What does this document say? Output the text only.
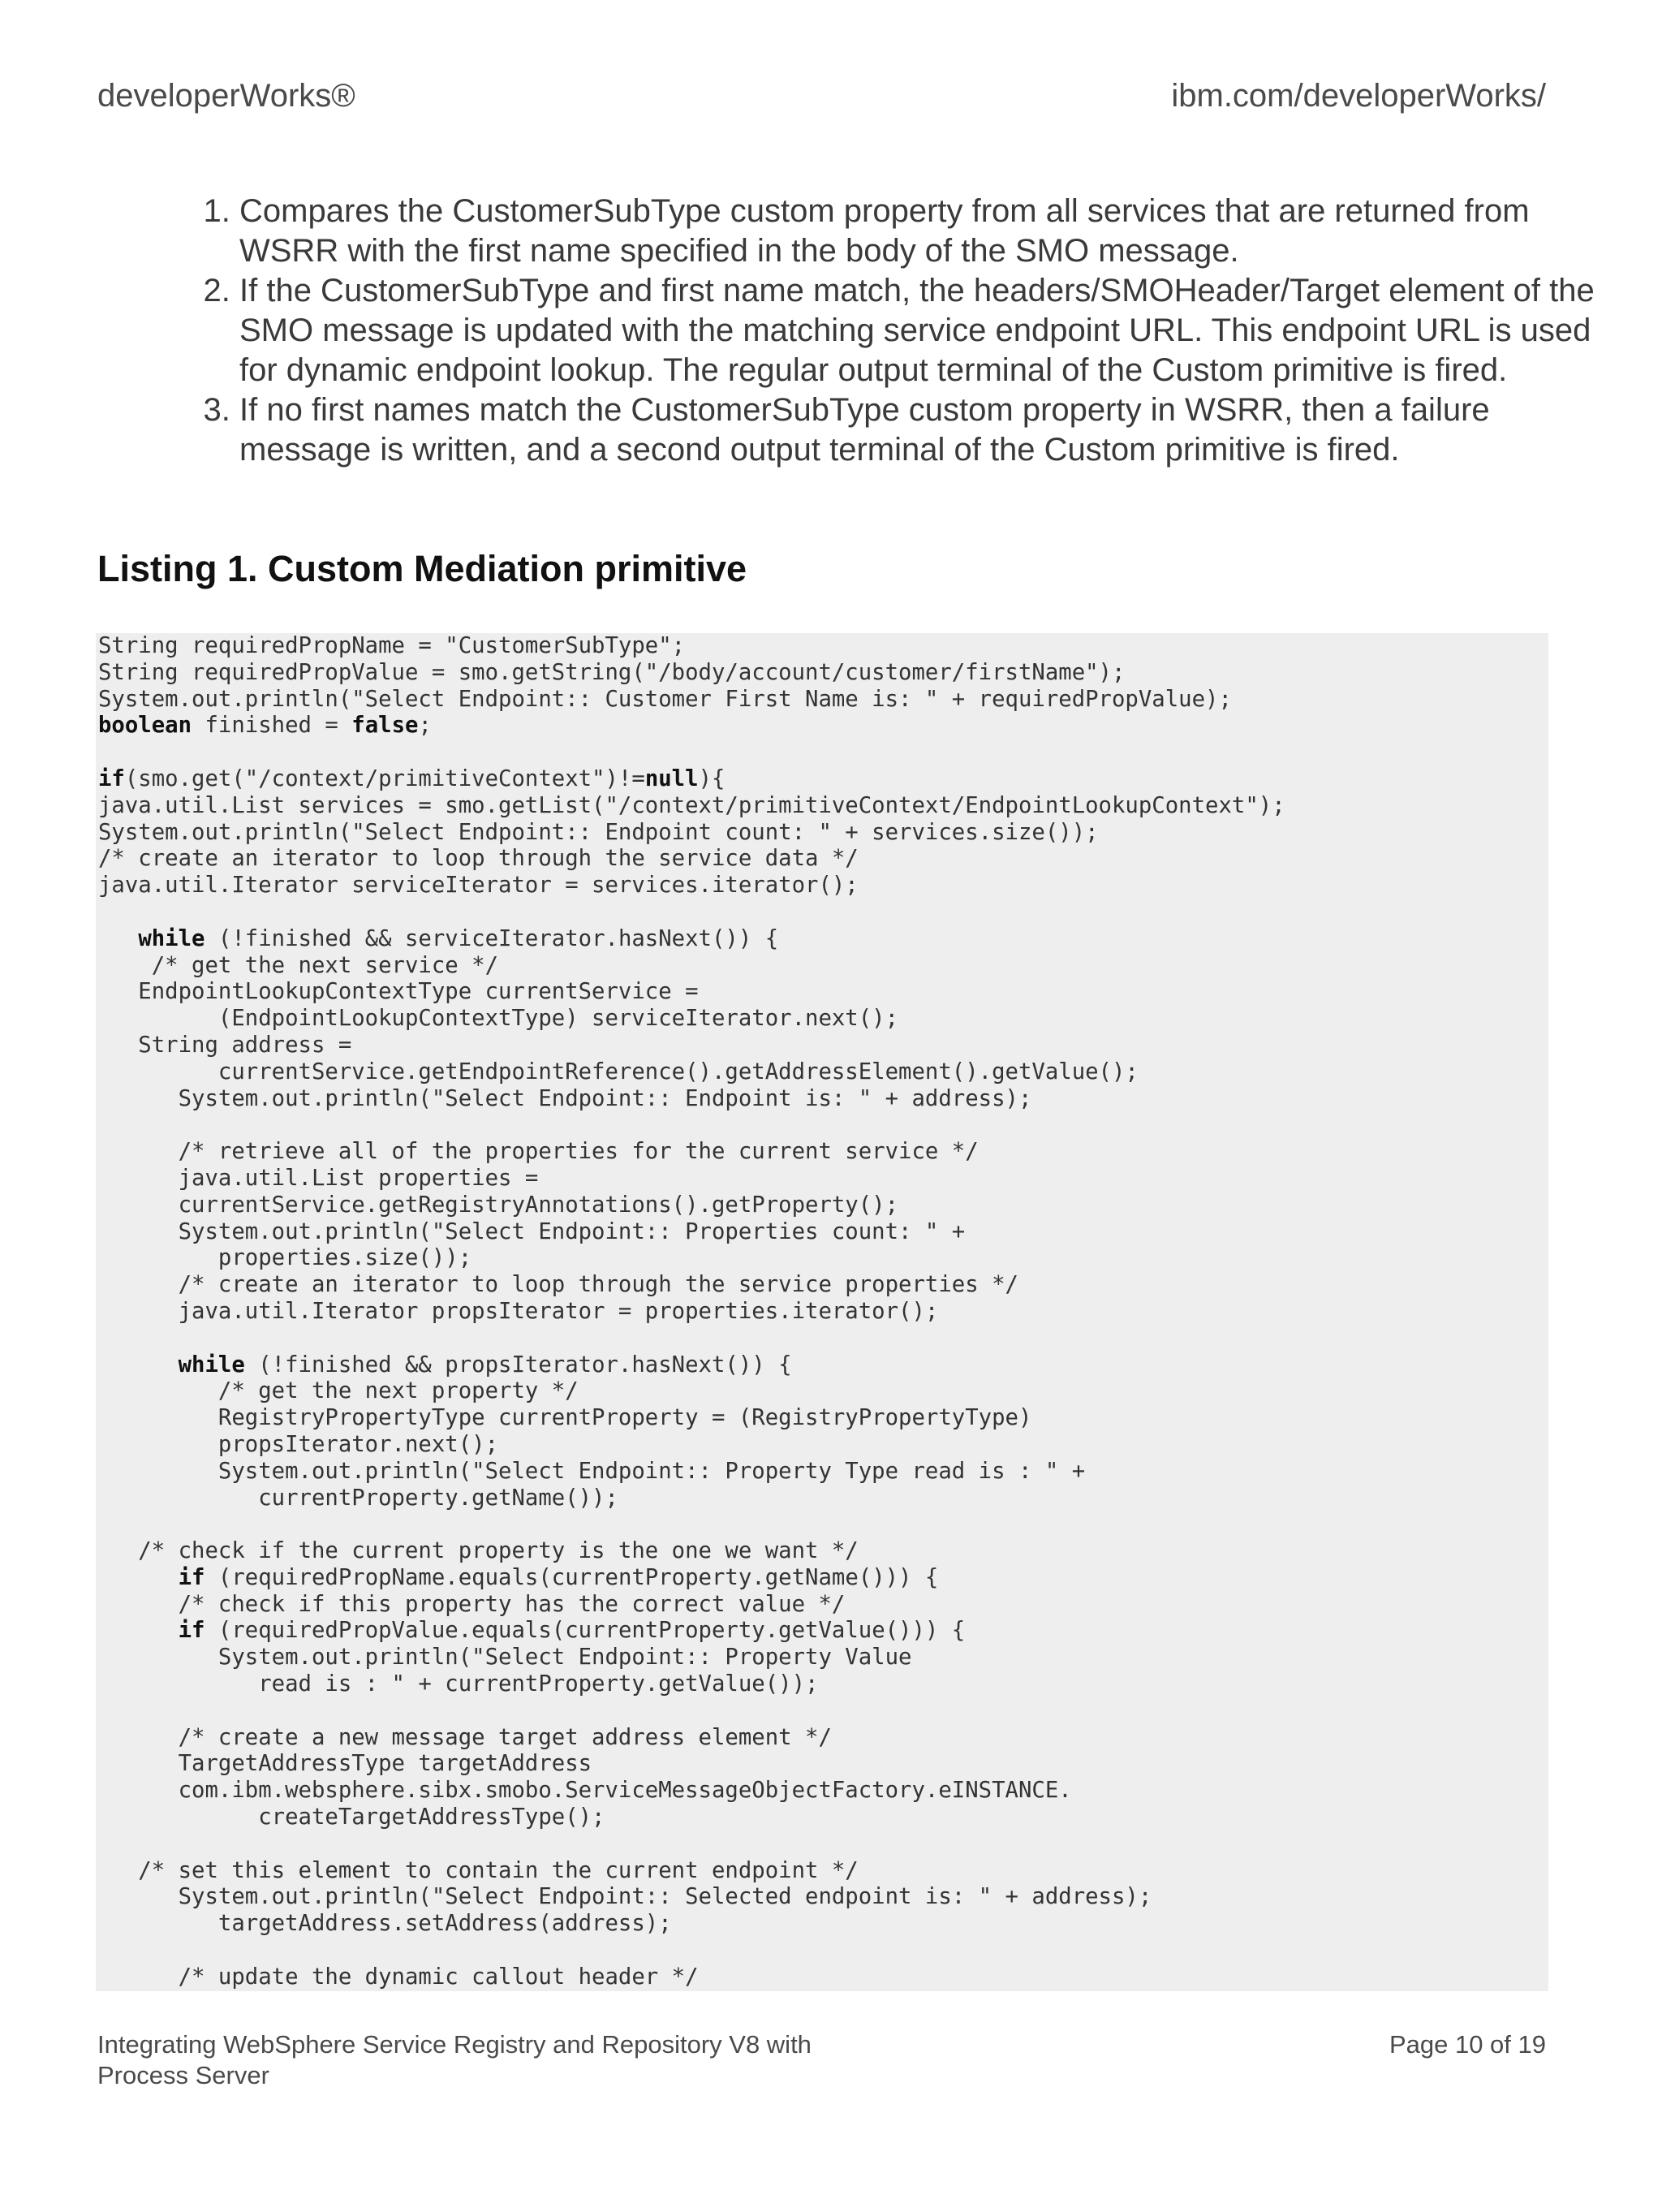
developerWorks®	ibm.com/developerWorks/

1. Compares the CustomerSubType custom property from all services that are returned from WSRR with the first name specified in the body of the SMO message.
2. If the CustomerSubType and first name match, the headers/SMOHeader/Target element of the SMO message is updated with the matching service endpoint URL. This endpoint URL is used for dynamic endpoint lookup. The regular output terminal of the Custom primitive is fired.
3. If no first names match the CustomerSubType custom property in WSRR, then a failure message is written, and a second output terminal of the Custom primitive is fired.
Listing 1. Custom Mediation primitive
String requiredPropName = "CustomerSubType";
String requiredPropValue = smo.getString("/body/account/customer/firstName");
System.out.println("Select Endpoint:: Customer First Name is: " + requiredPropValue);
boolean finished = false;

if(smo.get("/context/primitiveContext")!=null){
java.util.List services = smo.getList("/context/primitiveContext/EndpointLookupContext");
System.out.println("Select Endpoint:: Endpoint count: " + services.size());
/* create an iterator to loop through the service data */
java.util.Iterator serviceIterator = services.iterator();

while (!finished && serviceIterator.hasNext()) {
/* get the next service */
EndpointLookupContextType currentService =
(EndpointLookupContextType) serviceIterator.next();
String address =
currentService.getEndpointReference().getAddressElement().getValue();
System.out.println("Select Endpoint:: Endpoint is: " + address);

/* retrieve all of the properties for the current service */
java.util.List properties =
currentService.getRegistryAnnotations().getProperty();
System.out.println("Select Endpoint:: Properties count: " +
properties.size());
/* create an iterator to loop through the service properties */
java.util.Iterator propsIterator = properties.iterator();

while (!finished && propsIterator.hasNext()) {
/* get the next property */
RegistryPropertyType currentProperty = (RegistryPropertyType)
propsIterator.next();
System.out.println("Select Endpoint:: Property Type read is : " +
currentProperty.getName());

/* check if the current property is the one we want */
if (requiredPropName.equals(currentProperty.getName())) {
/* check if this property has the correct value */
if (requiredPropValue.equals(currentProperty.getValue())) {
System.out.println("Select Endpoint:: Property Value
read is : " + currentProperty.getValue());

/* create a new message target address element */
TargetAddressType targetAddress
com.ibm.websphere.sibx.smobo.ServiceMessageObjectFactory.eINSTANCE.
createTargetAddressType();

/* set this element to contain the current endpoint */
System.out.println("Select Endpoint:: Selected endpoint is: " + address);
targetAddress.setAddress(address);

/* update the dynamic callout header */
Integrating WebSphere Service Registry and Repository V8 with
Process Server

Page 10 of 19
